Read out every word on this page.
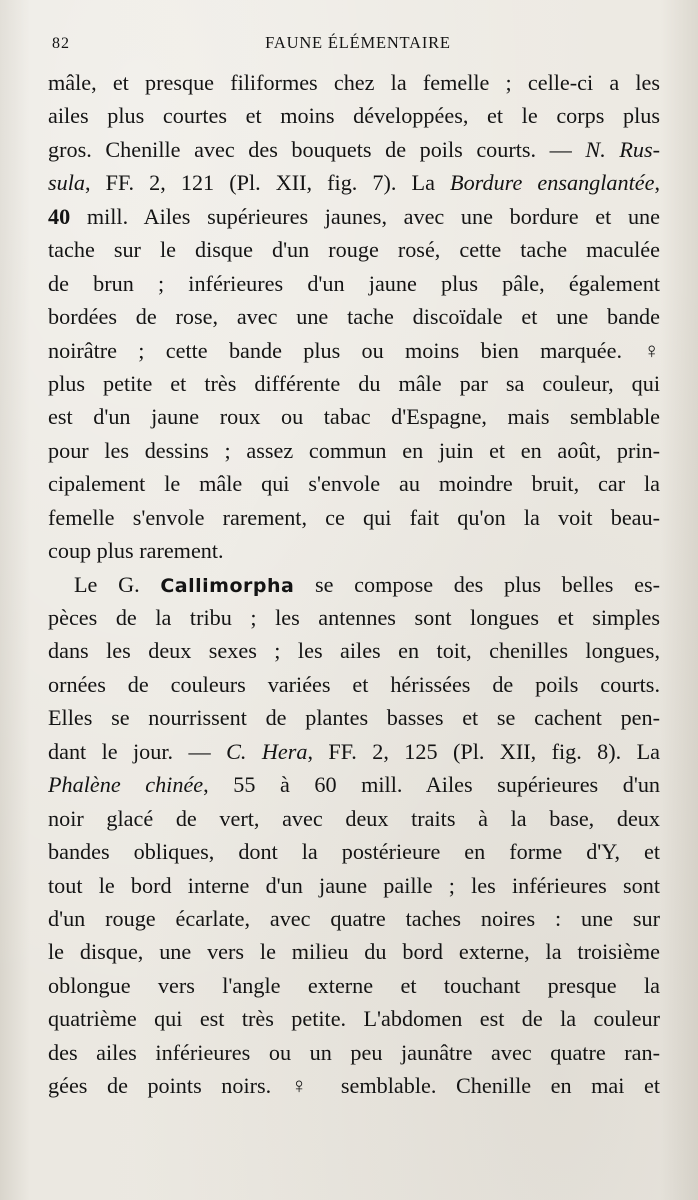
82	FAUNE ÉLÉMENTAIRE
mâle, et presque filiformes chez la femelle ; celle-ci a les
ailes plus courtes et moins développées, et le corps plus
gros. Chenille avec des bouquets de poils courts. — N. Rus-
sula, FF. 2, 121 (Pl. XII, fig. 7). La Bordure ensanglantée,
40 mill. Ailes supérieures jaunes, avec une bordure et une
tache sur le disque d'un rouge rosé, cette tache maculée
de brun ; inférieures d'un jaune plus pâle, également
bordées de rose, avec une tache discoïdale et une bande
noirâtre ; cette bande plus ou moins bien marquée. ♀
plus petite et très différente du mâle par sa couleur, qui
est d'un jaune roux ou tabac d'Espagne, mais semblable
pour les dessins ; assez commun en juin et en août, prin-
cipalement le mâle qui s'envole au moindre bruit, car la
femelle s'envole rarement, ce qui fait qu'on la voit beau-
coup plus rarement.
Le G. Callimorpha se compose des plus belles es-
pèces de la tribu ; les antennes sont longues et simples
dans les deux sexes ; les ailes en toit, chenilles longues,
ornées de couleurs variées et hérissées de poils courts.
Elles se nourrissent de plantes basses et se cachent pen-
dant le jour. — C. Hera, FF. 2, 125 (Pl. XII, fig. 8). La
Phalène chinée, 55 à 60 mill. Ailes supérieures d'un
noir glacé de vert, avec deux traits à la base, deux
bandes obliques, dont la postérieure en forme d'Y, et
tout le bord interne d'un jaune paille ; les inférieures sont
d'un rouge écarlate, avec quatre taches noires : une sur
le disque, une vers le milieu du bord externe, la troisième
oblongue vers l'angle externe et touchant presque la
quatrième qui est très petite. L'abdomen est de la couleur
des ailes inférieures ou un peu jaunâtre avec quatre ran-
gées de points noirs. ♀ semblable. Chenille en mai et
